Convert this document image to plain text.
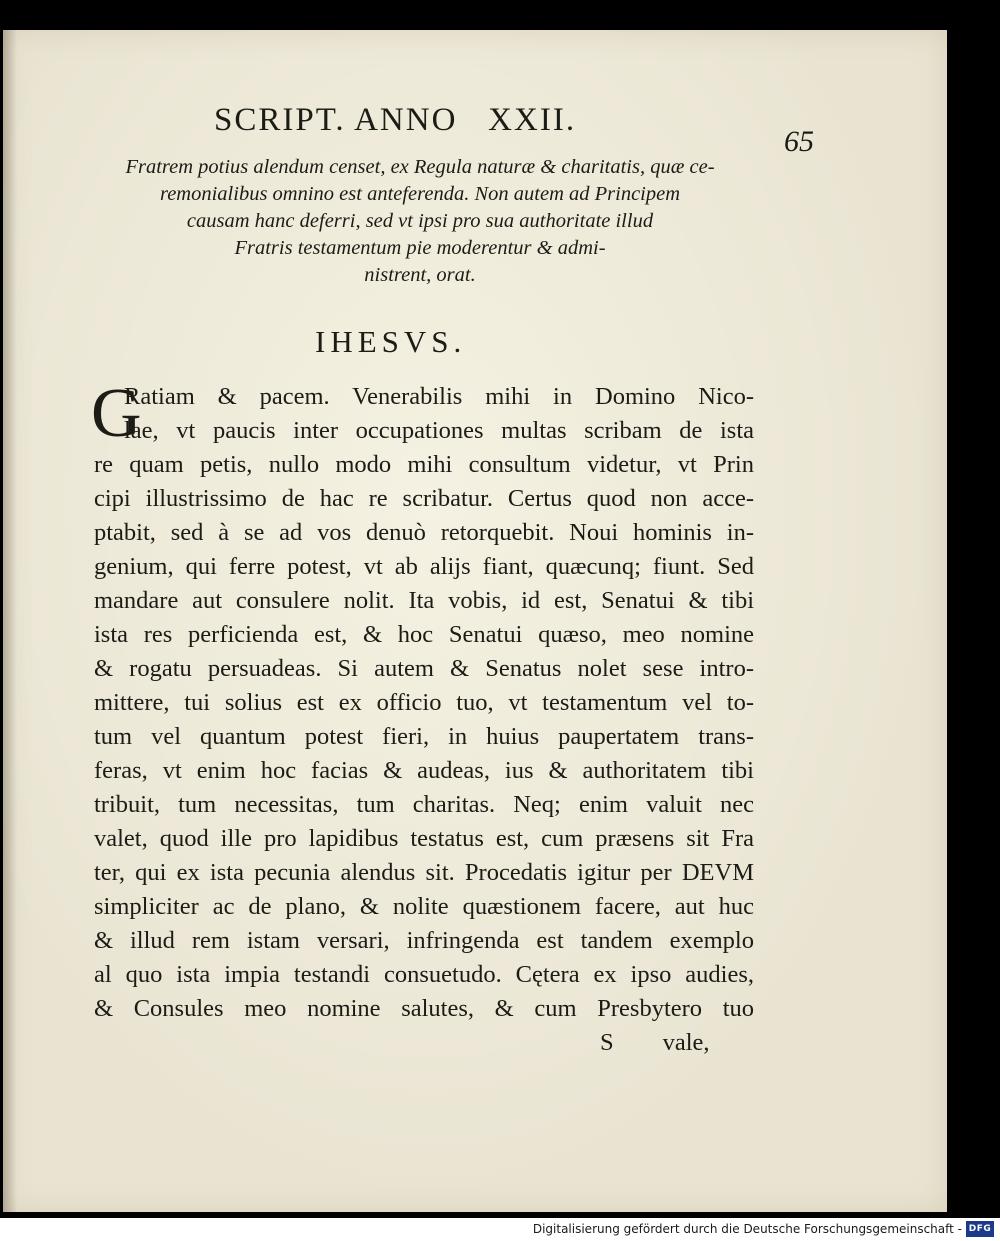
SCRIPT. ANNO   XXII.
65
Fratrem potius alendum censet, ex Regula naturæ & charitatis, quæ ce-
remonialibus omnino est anteferenda. Non autem ad Principem
causam hanc deferri, sed vt ipsi pro sua authoritate illud
Fratris testamentum pie moderentur & admi-
nistrent, orat.
IHESVS.
G
Ratiam & pacem. Venerabilis mihi in Domino Nico-
lae, vt paucis inter occupationes multas scribam de ista
re quam petis, nullo modo mihi consultum videtur, vt Prin
cipi illustrissimo de hac re scribatur. Certus quod non acce-
ptabit, sed à se ad vos denuò retorquebit. Noui hominis in-
genium, qui ferre potest, vt ab alijs fiant, quæcunq; fiunt. Sed
mandare aut consulere nolit. Ita vobis, id est, Senatui & tibi
ista res perficienda est, & hoc Senatui quæso, meo nomine
& rogatu persuadeas. Si autem & Senatus nolet sese intro-
mittere, tui solius est ex officio tuo, vt testamentum vel to-
tum vel quantum potest fieri, in huius paupertatem trans-
feras, vt enim hoc facias & audeas, ius & authoritatem tibi
tribuit, tum necessitas, tum charitas. Neq; enim valuit nec
valet, quod ille pro lapidibus testatus est, cum præsens sit Fra
ter, qui ex ista pecunia alendus sit. Procedatis igitur per DEVM
simpliciter ac de plano, & nolite quæstionem facere, aut huc
& illud rem istam versari, infringenda est tandem exemplo
al quo ista impia testandi consuetudo. Cętera ex ipso audies,
& Consules meo nomine salutes, & cum Presbytero tuo
S        vale,
Digitalisierung gefördert durch die Deutsche Forschungsgemeinschaft - DFG
